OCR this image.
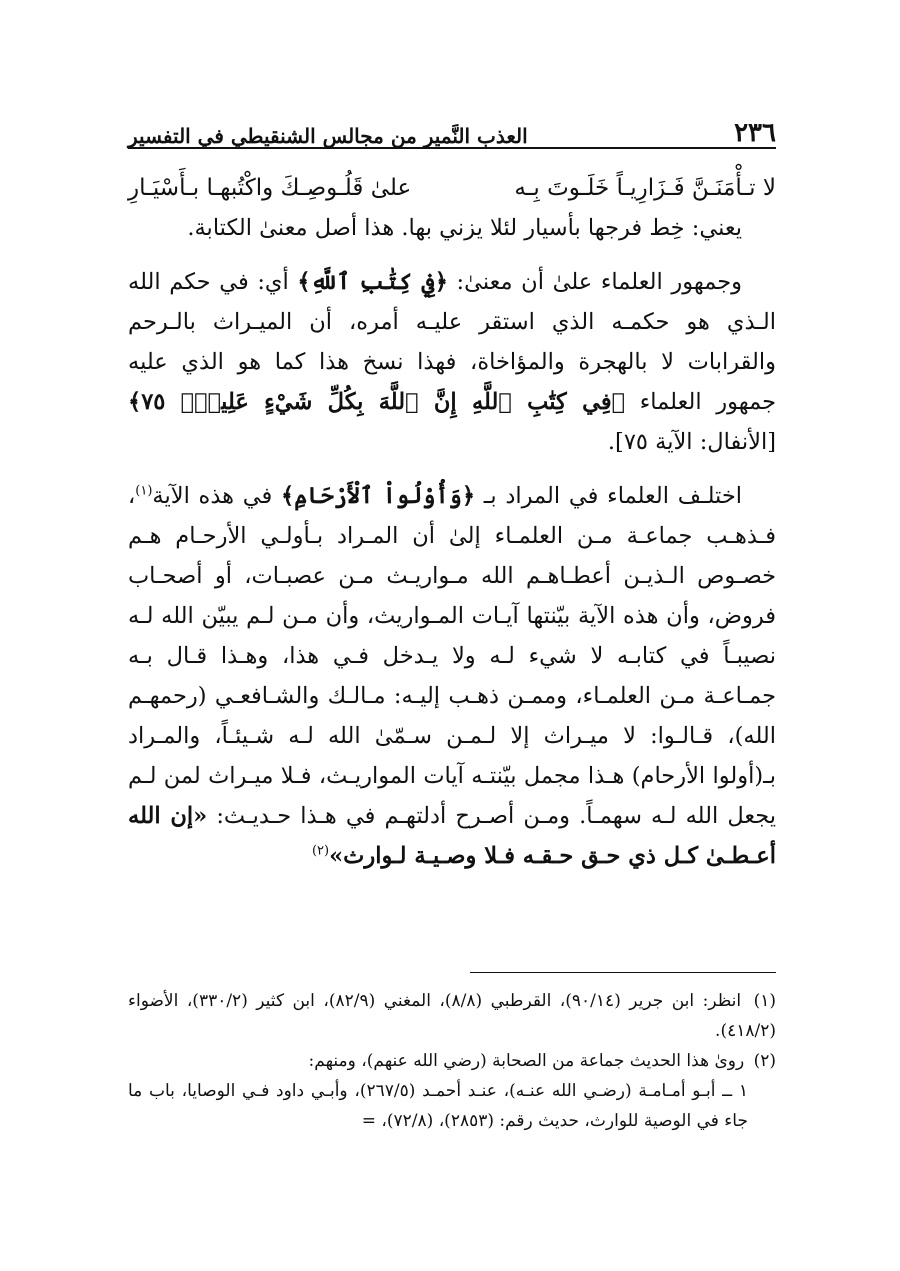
٢٣٦
العذب النَّمير من مجالس الشنقيطي في التفسير
لا تـأْمَنَـنَّ فَـزَارِيـاً خَلَـوتَ بِـه
علىٰ قَلُـوصِـكَ واكْتُبهـا بـأَسْيَـارِ

يعني: خِط فرجها بأسيار لئلا يزني بها. هذا أصل معنىٰ الكتابة.

وجمهور العلماء علىٰ أن معنىٰ: ﴿فِي كِتَٰبِ ٱللَّهِ﴾ أي: في حكم الله الـذي هو حكمـه الذي استقر عليـه أمره، أن الميـراث بالـرحم والقرابات لا بالهجرة والمؤاخاة، فهذا نسخ هذا كما هو الذي عليه جمهور العلماء ﴿فِي كِتَٰبِ ٱللَّهِ إِنَّ ٱللَّهَ بِكُلِّ شَيْءٍ عَلِيمٌۢ ٧٥﴾ [الأنفال: الآية ٧٥].

اختلـف العلماء في المراد بـ ﴿وَأُوْلُواْ ٱلْأَرْحَامِ﴾ في هذه الآية$^{(١)}$، فـذهـب جماعـة مـن العلمـاء إلىٰ أن المـراد بـأولـي الأرحـام هـم خصـوص الـذيـن أعطـاهـم الله مـواريـث مـن عصبـات، أو أصحـاب فروض، وأن هذه الآية بيّنتها آيـات المـواريث، وأن مـن لـم يبيّن الله لـه نصيبـاً في كتابـه لا شيء لـه ولا يـدخل فـي هذا، وهـذا قـال بـه جمـاعـة مـن العلمـاء، وممـن ذهـب إليـه: مـالـك والشـافعـي (رحمهـم الله)، قـالـوا: لا ميـراث إلا لـمـن سـمّىٰ الله لـه شـيئـاً، والمـراد بـ(أولوا الأرحام) هـذا مجمل بيّنتـه آيات المواريـث، فـلا ميـراث لمن لـم يجعل الله لـه سهمـاً. ومـن أصـرح أدلتهـم في هـذا حـديـث: «إن الله أعـطـىٰ كـل ذي حـق حـقـه فـلا وصـيـة لـوارث»$^{(٢)}$

(١) انظر: ابن جرير (٩٠/١٤)، القرطبي (٨/٨)، المغني (٨٢/٩)، ابن كثير (٣٣٠/٢)، الأضواء (٤١٨/٢).

(٢) روىٰ هذا الحديث جماعة من الصحابة (رضي الله عنهم)، ومنهم:

١ ــ أبـو أمـامـة (رضـي الله عنـه)، عنـد أحمـد (٢٦٧/٥)، وأبـي داود فـي الوصايا، باب ما جاء في الوصية للوارث، حديث رقم: (٢٨٥٣)، (٧٢/٨)، =
